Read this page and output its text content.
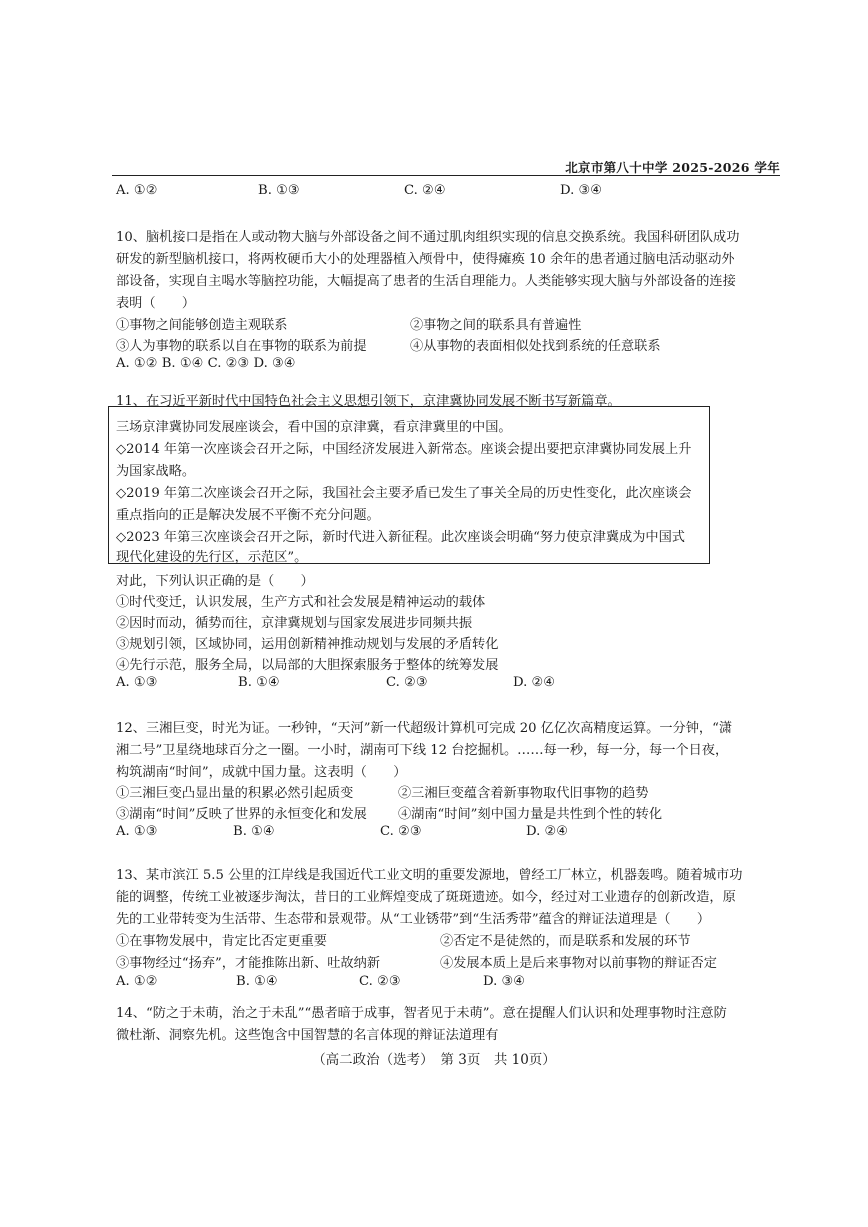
北京市第八十中学 2025-2026 学年
A. ①②	B. ①③	C. ②④	D. ③④
10、脑机接口是指在人或动物大脑与外部设备之间不通过肌肉组织实现的信息交换系统。我国科研团队成功
研发的新型脑机接口，将两枚硬币大小的处理器植入颅骨中，使得瘫痪 10 余年的患者通过脑电活动驱动外
部设备，实现自主喝水等脑控功能，大幅提高了患者的生活自理能力。人类能够实现大脑与外部设备的连接
表明（　　）
①事物之间能够创造主观联系	②事物之间的联系具有普遍性
③人为事物的联系以自在事物的联系为前提	④从事物的表面相似处找到系统的任意联系
A. ①② B. ①④ C. ②③ D. ③④
11、在习近平新时代中国特色社会主义思想引领下，京津冀协同发展不断书写新篇章。
三场京津冀协同发展座谈会，看中国的京津冀，看京津冀里的中国。
◇2014 年第一次座谈会召开之际，中国经济发展进入新常态。座谈会提出要把京津冀协同发展上升
为国家战略。
◇2019 年第二次座谈会召开之际，我国社会主要矛盾已发生了事关全局的历史性变化，此次座谈会
重点指向的正是解决发展不平衡不充分问题。
◇2023 年第三次座谈会召开之际，新时代进入新征程。此次座谈会明确“努力使京津冀成为中国式
现代化建设的先行区，示范区”。
对此，下列认识正确的是（　　）
①时代变迁，认识发展，生产方式和社会发展是精神运动的载体
②因时而动，循势而往，京津冀规划与国家发展进步同频共振
③规划引领，区域协同，运用创新精神推动规划与发展的矛盾转化
④先行示范，服务全局，以局部的大胆探索服务于整体的统筹发展
A. ①③	B. ①④	C. ②③	D. ②④
12、三湘巨变，时光为证。一秒钟，“天河”新一代超级计算机可完成 20 亿亿次高精度运算。一分钟，“潇
湘二号”卫星绕地球百分之一圈。一小时，湖南可下线 12 台挖掘机。……每一秒，每一分，每一个日夜，
构筑湖南“时间”，成就中国力量。这表明（　　）
①三湘巨变凸显出量的积累必然引起质变	②三湘巨变蕴含着新事物取代旧事物的趋势
③湖南“时间”反映了世界的永恒变化和发展 ④湖南“时间”刻中国力量是共性到个性的转化
A. ①③	B. ①④	C. ②③	D. ②④
13、某市滨江 5.5 公里的江岸线是我国近代工业文明的重要发源地，曾经工厂林立，机器轰鸣。随着城市功
能的调整，传统工业被逐步淘汰，昔日的工业辉煌变成了斑斑遗迹。如今，经过对工业遗存的创新改造，原
先的工业带转变为生活带、生态带和景观带。从“工业锈带”到“生活秀带”蕴含的辩证法道理是（　　）
①在事物发展中，肯定比否定更重要	②否定不是徒然的，而是联系和发展的环节
③事物经过“扬弃”，才能推陈出新、吐故纳新	④发展本质上是后来事物对以前事物的辩证否定
A. ①②	B. ①④	C. ②③	D. ③④
14、“防之于未萌，治之于未乱”“愚者暗于成事，智者见于未萌”。意在提醒人们认识和处理事物时注意防
微杜渐、洞察先机。这些饱含中国智慧的名言体现的辩证法道理有
（高二政治（选考）　第 3页　共 10页）
